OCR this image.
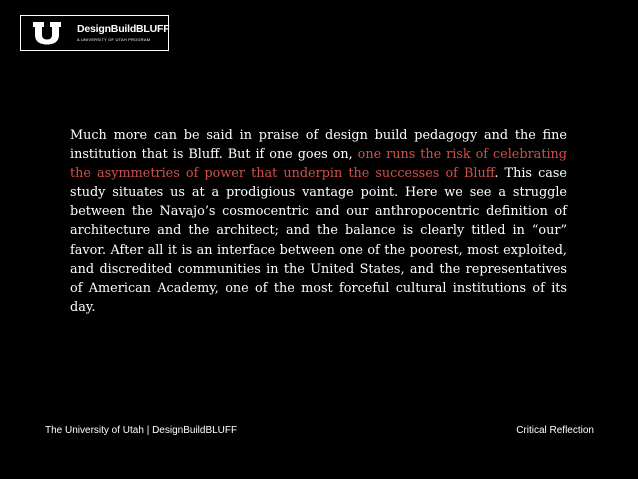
DesignBuildBLUFF
A UNIVERSITY OF UTAH PROGRAM

Much more can be said in praise of design build pedagogy and the fine institution that is Bluff. But if one goes on, one runs the risk of celebrating the asymmetries of power that underpin the successes of Bluff. This case study situates us at a prodigious vantage point. Here we see a struggle between the Navajo’s cosmocentric and our anthropocentric definition of architecture and the architect; and the balance is clearly titled in “our” favor. After all it is an interface between one of the poorest, most exploited, and discredited communities in the United States, and the representatives of American Academy, one of the most forceful cultural institutions of its day.

The University of Utah | DesignBuildBLUFF	Critical Reflection
